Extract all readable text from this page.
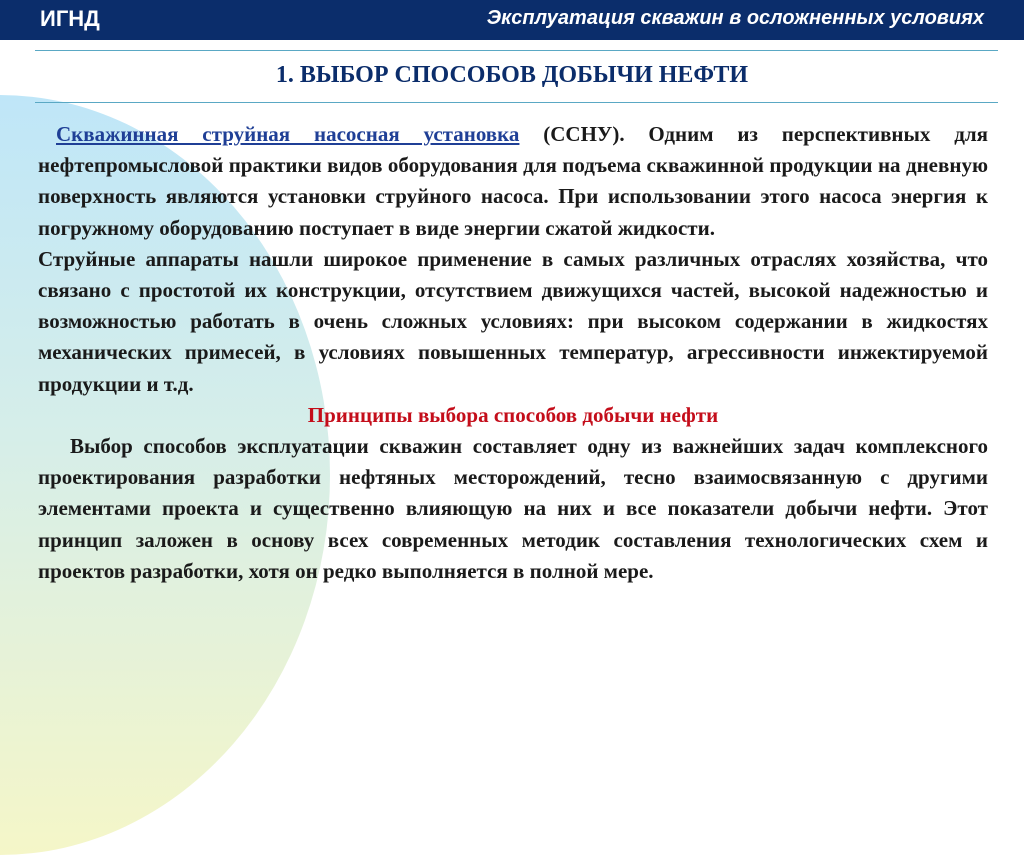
ИГНД	Эксплуатация скважин в осложненных условиях
1. ВЫБОР СПОСОБОВ ДОБЫЧИ НЕФТИ

Скважинная струйная насосная установка (ССНУ). Одним из перспективных для нефтепромысловой практики видов оборудования для подъема скважинной продукции на дневную поверхность являются установки струйного насоса. При использовании этого насоса энергия к погружному оборудованию поступает в виде энергии сжатой жидкости.

Струйные аппараты нашли широкое применение в самых различных отраслях хозяйства, что связано с простотой их конструкции, отсутствием движущихся частей, высокой надежностью и возможностью работать в очень сложных условиях: при высоком содержании в жидкостях механических примесей, в условиях повышенных температур, агрессивности инжектируемой продукции и т.д.

Принципы выбора способов добычи нефти

Выбор способов эксплуатации скважин составляет одну из важнейших задач комплексного проектирования разработки нефтяных месторождений, тесно взаимосвязанную с другими элементами проекта и существенно влияющую на них и все показатели добычи нефти. Этот принцип заложен в основу всех современных методик составления технологических схем и проектов разработки, хотя он редко выполняется в полной мере.
